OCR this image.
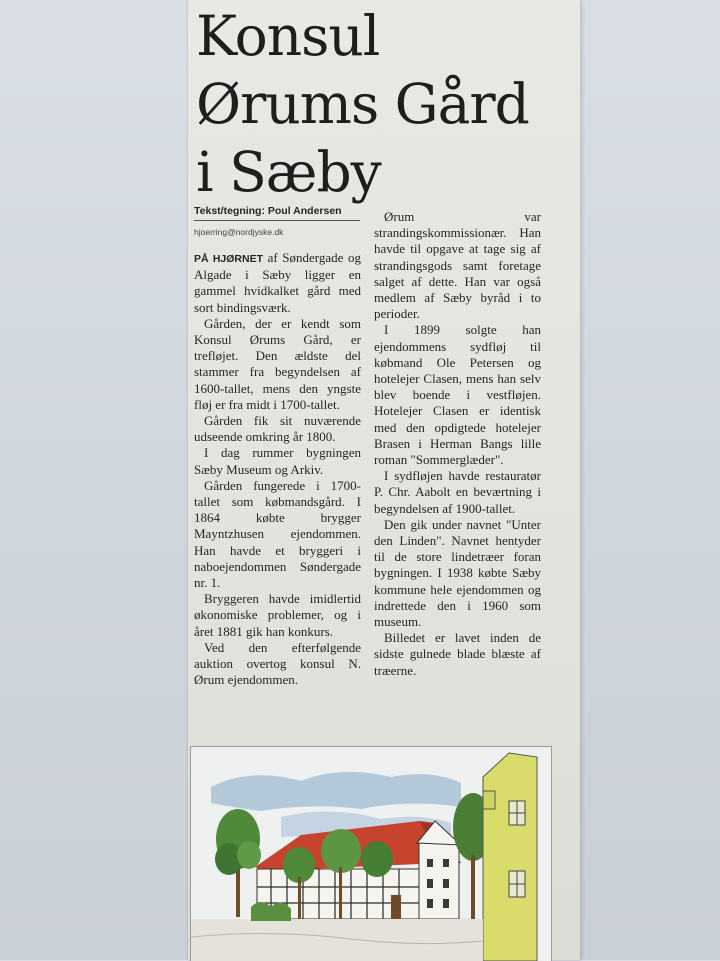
Konsul
Ørums Gård
i Sæby
Tekst/tegning: Poul Andersen
hjoerring@nordjyske.dk

PÅ HJØRNET af Søndergade og Algade i Sæby ligger en gammel hvidkalket gård med sort bindingsværk.

Gården, der er kendt som Konsul Ørums Gård, er trefløjet. Den ældste del stammer fra begyndelsen af 1600-tallet, mens den yngste fløj er fra midt i 1700-tallet.

Gården fik sit nuværende udseende omkring år 1800.

I dag rummer bygningen Sæby Museum og Arkiv.

Gården fungerede i 1700-tallet som købmandsgård. I 1864 købte brygger Mayntzhusen ejendommen. Han havde et bryggeri i naboejendommen Søndergade nr. 1.

Bryggeren havde imidlertid økonomiske problemer, og i året 1881 gik han konkurs.

Ved den efterfølgende auktion overtog konsul N. Ørum ejendommen.

Ørum var strandingskommissionær. Han havde til opgave at tage sig af strandingsgods samt foretage salget af dette. Han var også medlem af Sæby byråd i to perioder.

I 1899 solgte han ejendommens sydfløj til købmand Ole Petersen og hotelejer Clasen, mens han selv blev boende i vestfløjen. Hotelejer Clasen er identisk med den opdigtede hotelejer Brasen i Herman Bangs lille roman "Sommerglæder".

I sydfløjen havde restauratør P. Chr. Aabolt en beværtning i begyndelsen af 1900-tallet.

Den gik under navnet "Unter den Linden". Navnet hentyder til de store lindetræer foran bygningen. I 1938 købte Sæby kommune hele ejendommen og indrettede den i 1960 som museum.

Billedet er lavet inden de sidste gulnede blade blæste af træerne.
